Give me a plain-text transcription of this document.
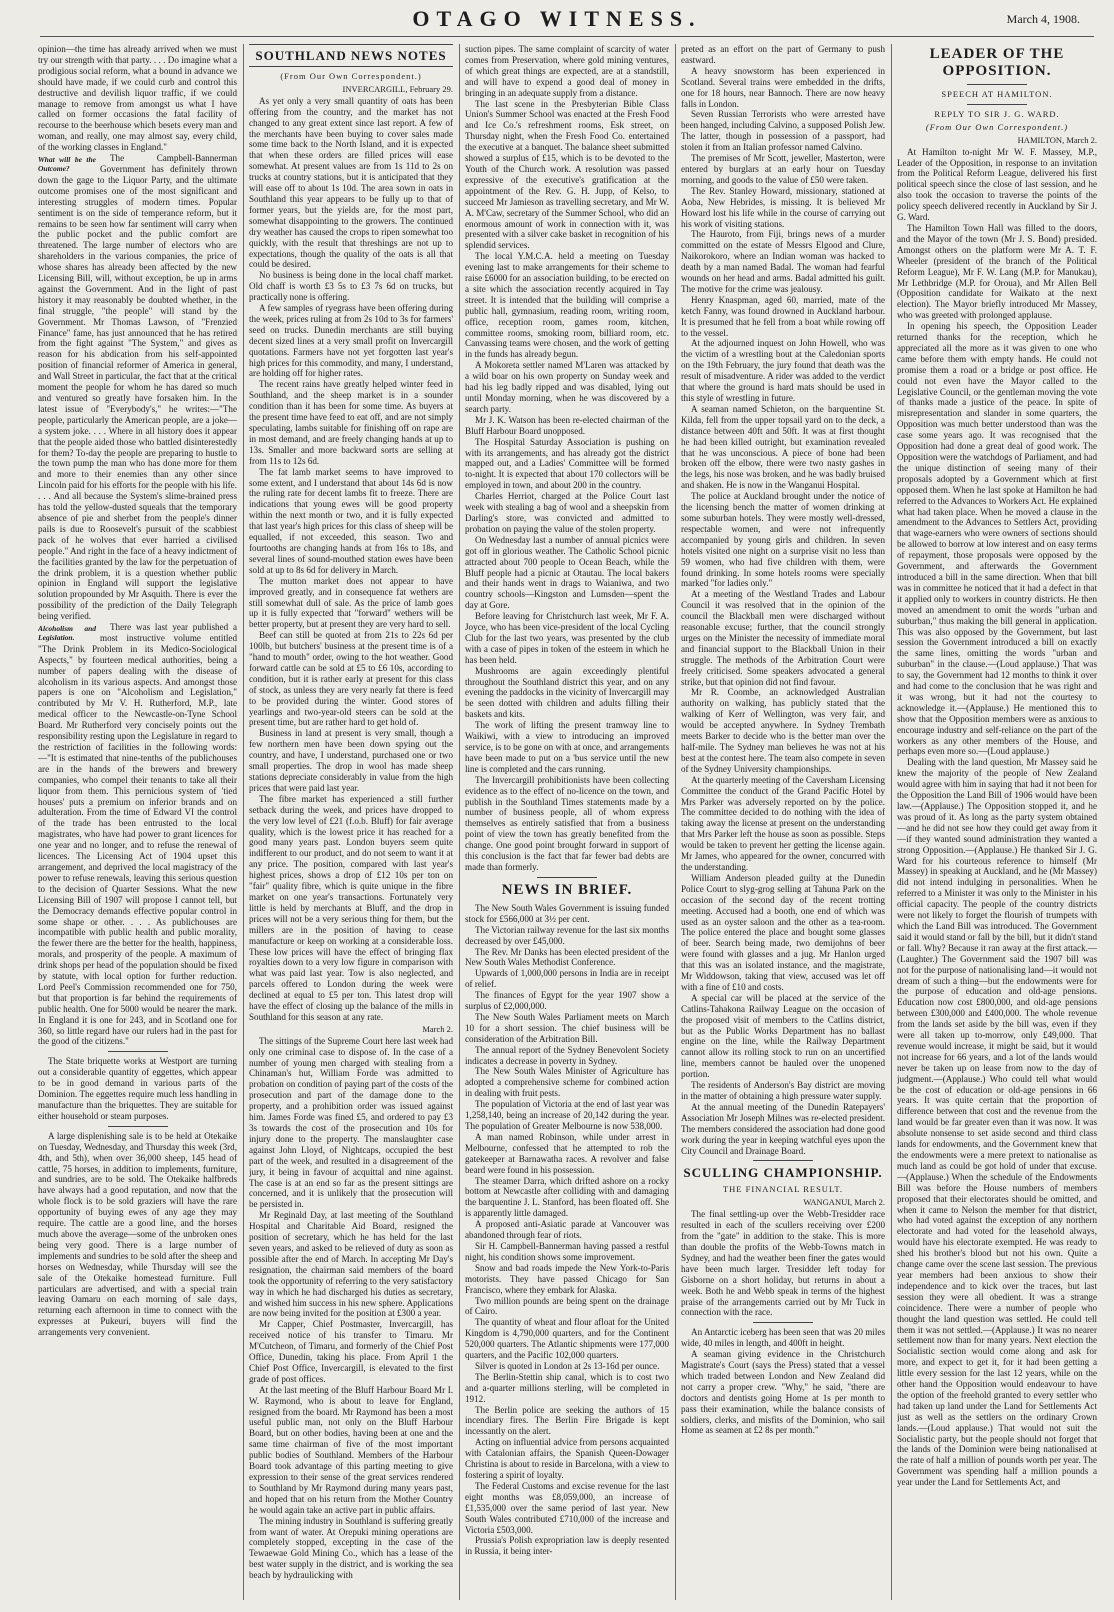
OTAGO WITNESS.	March 4, 1908.

opinion—the time has already arrived when we must try our strength with that party. . . . Do imagine what a prodigious social reform, what a bound in advance we should have made, if we could curb and control this destructive and devilish liquor traffic, if we could manage to remove from amongst us what I have called on former occasions the fatal facility of recourse to the beerhouse which besets every man and woman, and really, one may almost say, every child, of the working classes in England."

What will be the Outcome?

The Campbell-Bannerman Government has definitely thrown down the gage to the Liquor Party, and the ultimate outcome promises one of the most significant and interesting struggles of modern times. Popular sentiment is on the side of temperance reform, but it remains to be seen how far sentiment will carry when the public pocket and the public comfort are threatened. The large number of electors who are shareholders in the various companies, the price of whose shares has already been affected by the new Licensing Bill, will, without exception, be up in arms against the Government. And in the light of past history it may reasonably be doubted whether, in the final struggle, "the people" will stand by the Government. Mr Thomas Lawson, of "Frenzied Finance" fame, has just announced that he has retired from the fight against "The System," and gives as reason for his abdication from his self-appointed position of financial reformer of America in general, and Wall Street in particular, the fact that at the critical moment the people for whom he has dared so much and ventured so greatly have forsaken him. In the latest issue of "Everybody's," he writes:—"The people, particularly the American people, are a joke—a system joke. . . . Where in all history does it appear that the people aided those who battled disinterestedly for them? To-day the people are preparing to hustle to the town pump the man who has done more for them and more to their enemies than any other since Lincoln paid for his efforts for the people with his life. . . . And all because the System's slime-brained press has told the yellow-dusted squeals that the temporary absence of pie and sherbet from the people's dinner pails is due to Roosevelt's pursuit of the scabbiest pack of he wolves that ever harried a civilised people." And right in the face of a heavy indictment of the facilities granted by the law for the perpetuation of the drink problem, it is a question whether public opinion in England will support the legislative solution propounded by Mr Asquith. There is ever the possibility of the prediction of the Daily Telegraph being verified.

Alcoholism and Legislation.

There was last year published a most instructive volume entitled "The Drink Problem in its Medico-Sociological Aspects," by fourteen medical authorities, being a number of papers dealing with the disease of alcoholism in its various aspects. And amongst those papers is one on "Alcoholism and Legislation," contributed by Mr V. H. Rutherford, M.P., late medical officer to the Newcastle-on-Tyne School Board. Mr Rutherford very concisely points out the responsibility resting upon the Legislature in regard to the restriction of facilities in the following words:—"It is estimated that nine-tenths of the publichouses are in the hands of the brewers and brewery companies, who compel their tenants to take all their liquor from them. This pernicious system of 'tied houses' puts a premium on inferior brands and on adulteration. From the time of Edward VI the control of the trade has been entrusted to the local magistrates, who have had power to grant licences for one year and no longer, and to refuse the renewal of licences. The Licensing Act of 1904 upset this arrangement, and deprived the local magistracy of the power to refuse renewals, leaving this serious question to the decision of Quarter Sessions. What the new Licensing Bill of 1907 will propose I cannot tell, but the Democracy demands effective popular control in some shape or other. . . . As publichouses are incompatible with public health and public morality, the fewer there are the better for the health, happiness, morals, and prosperity of the people. A maximum of drink shops per head of the population should be fixed by statute, with local option for further reduction. Lord Peel's Commission recommended one for 750, but that proportion is far behind the requirements of public health. One for 5000 would be nearer the mark. In England it is one for 243, and in Scotland one for 360, so little regard have our rulers had in the past for the good of the citizens."

The State briquette works at Westport are turning out a considerable quantity of eggettes, which appear to be in good demand in various parts of the Dominion. The eggettes require much less handling in manufacture than the briquettes. They are suitable for either household or steam purposes.

A large displenishing sale is to be held at Otekaike on Tuesday, Wednesday, and Thursday this week (3rd, 4th, and 5th), when over 36,000 sheep, 145 head of cattle, 75 horses, in addition to implements, furniture, and sundries, are to be sold. The Otekaike halfbreds have always had a good reputation, and now that the whole flock is to be sold graziers will have the rare opportunity of buying ewes of any age they may require. The cattle are a good line, and the horses much above the average—some of the unbroken ones being very good. There is a large number of implements and sundries to be sold after the sheep and horses on Wednesday, while Thursday will see the sale of the Otekaike homestead furniture. Full particulars are advertised, and with a special train leaving Oamaru on each morning of sale days, returning each afternoon in time to connect with the expresses at Pukeuri, buyers will find the arrangements very convenient.

SOUTHLAND NEWS NOTES
(From Our Own Correspondent.)
INVERCARGILL, February 29.

As yet only a very small quantity of oats has been offering from the country, and the market has not changed to any great extent since last report. A few of the merchants have been buying to cover sales made some time back to the North Island, and it is expected that when these orders are filled prices will ease somewhat. At present values are from 1s 11d to 2s on trucks at country stations, but it is anticipated that they will ease off to about 1s 10d. The area sown in oats in Southland this year appears to be fully up to that of former years, but the yields are, for the most part, somewhat disappointing to the growers. The continued dry weather has caused the crops to ripen somewhat too quickly, with the result that threshings are not up to expectations, though the quality of the oats is all that could be desired.

No business is being done in the local chaff market. Old chaff is worth £3 5s to £3 7s 6d on trucks, but practically none is offering.

A few samples of ryegrass have been offering during the week, prices ruling at from 2s 10d to 3s for farmers' seed on trucks. Dunedin merchants are still buying decent sized lines at a very small profit on Invercargill quotations. Farmers have not yet forgotten last year's high prices for this commodity, and many, I understand, are holding off for higher rates.

The recent rains have greatly helped winter feed in Southland, and the sheep market is in a sounder condition than it has been for some time. As buyers at the present time have feed to eat off, and are not simply speculating, lambs suitable for finishing off on rape are in most demand, and are freely changing hands at up to 13s. Smaller and more backward sorts are selling at from 11s to 12s 6d.

The fat lamb market seems to have improved to some extent, and I understand that about 14s 6d is now the ruling rate for decent lambs fit to freeze. There are indications that young ewes will be good property within the next month or two, and it is fully expected that last year's high prices for this class of sheep will be equalled, if not exceeded, this season. Two and fourtooths are changing hands at from 16s to 18s, and several lines of sound-mouthed station ewes have been sold at up to 8s 6d for delivery in March.

The mutton market does not appear to have improved greatly, and in consequence fat wethers are still somewhat dull of sale. As the price of lamb goes up it is fully expected that "forward" wethers will be better property, but at present they are very hard to sell.

Beef can still be quoted at from 21s to 22s 6d per 100lb, but butchers' business at the present time is of a "hand to mouth" order, owing to the hot weather. Good forward cattle can be sold at £5 to £6 10s, according to condition, but it is rather early at present for this class of stock, as unless they are very nearly fat there is feed to be provided during the winter. Good stores of yearlings and two-year-old steers can be sold at the present time, but are rather hard to get hold of.

Business in land at present is very small, though a few northern men have been down spying out the country, and have, I understand, purchased one or two small properties. The drop in wool has made sheep stations depreciate considerably in value from the high prices that were paid last year.

The fibre market has experienced a still further setback during the week, and prices have dropped to the very low level of £21 (f.o.b. Bluff) for fair average quality, which is the lowest price it has reached for a good many years past. London buyers seem quite indifferent to our product, and do not seem to want it at any price. The position, compared with last year's highest prices, shows a drop of £12 10s per ton on "fair" quality fibre, which is quite unique in the fibre market on one year's transactions. Fortunately very little is held by merchants at Bluff, and the drop in prices will not be a very serious thing for them, but the millers are in the position of having to cease manufacture or keep on working at a considerable loss. These low prices will have the effect of bringing flax royalties down to a very low figure in comparison with what was paid last year. Tow is also neglected, and parcels offered to London during the week were declined at equal to £5 per ton. This latest drop will have the effect of closing up the balance of the mills in Southland for this season at any rate.

March 2.

The sittings of the Supreme Court here last week had only one criminal case to dispose of. In the case of a number of young men charged with stealing from a Chinaman's hut, William Forde was admitted to probation on condition of paying part of the costs of the prosecution and part of the damage done to the property, and a prohibition order was issued against him. James Forde was fined £5, and ordered to pay £3 3s towards the cost of the prosecution and 10s for injury done to the property. The manslaughter case against John Lloyd, of Nightcaps, occupied the best part of the week, and resulted in a disagreement of the jury, it being in favour of acquittal and nine against. The case is at an end so far as the present sittings are concerned, and it is unlikely that the prosecution will be persisted in.

Mr Reginald Day, at last meeting of the Southland Hospital and Charitable Aid Board, resigned the position of secretary, which he has held for the last seven years, and asked to be relieved of duty as soon as possible after the end of March. In accepting Mr Day's resignation, the chairman said members of the board took the opportunity of referring to the very satisfactory way in which he had discharged his duties as secretary, and wished him success in his new sphere. Applications are now being invited for the position at £300 a year.

Mr Capper, Chief Postmaster, Invercargill, has received notice of his transfer to Timaru. Mr M'Cutcheon, of Timaru, and formerly of the Chief Post Office, Dunedin, taking his place. From April 1 the Chief Post Office, Invercargill, is elevated to the first grade of post offices.

At the last meeting of the Bluff Harbour Board Mr I. W. Raymond, who is about to leave for England, resigned from the board. Mr Raymond has been a most useful public man, not only on the Bluff Harbour Board, but on other bodies, having been at one and the same time chairman of five of the most important public bodies of Southland. Members of the Harbour Board took advantage of this parting meeting to give expression to their sense of the great services rendered to Southland by Mr Raymond during many years past, and hoped that on his return from the Mother Country he would again take an active part in public affairs.

The mining industry in Southland is suffering greatly from want of water. At Orepuki mining operations are completely stopped, excepting in the case of the Tewaewae Gold Mining Co., which has a lease of the best water supply in the district, and is working the sea beach by hydraulicking with

suction pipes. The same complaint of scarcity of water comes from Preservation, where gold mining ventures, of which great things are expected, are at a standstill, and will have to expend a good deal of money in bringing in an adequate supply from a distance.

The last scene in the Presbyterian Bible Class Union's Summer School was enacted at the Fresh Food and Ice Co.'s refreshment rooms, Esk street, on Thursday night, when the Fresh Food Co. entertained the executive at a banquet. The balance sheet submitted showed a surplus of £15, which is to be devoted to the Youth of the Church work. A resolution was passed expressive of the executive's gratification at the appointment of the Rev. G. H. Jupp, of Kelso, to succeed Mr Jamieson as travelling secretary, and Mr W. A. M'Caw, secretary of the Summer School, who did an enormous amount of work in connection with it, was presented with a silver cake basket in recognition of his splendid services.

The local Y.M.C.A. held a meeting on Tuesday evening last to make arrangements for their scheme to raise £6000 for an association building, to be erected on a site which the association recently acquired in Tay street. It is intended that the building will comprise a public hall, gymnasium, reading room, writing room, office, reception room, games room, kitchen, committee rooms, smoking room, billiard room, etc. Canvassing teams were chosen, and the work of getting in the funds has already begun.

A Mokoreta settler named M'Laren was attacked by a wild boar on his own property on Sunday week and had his leg badly ripped and was disabled, lying out until Monday morning, when he was discovered by a search party.

Mr J. K. Watson has been re-elected chairman of the Bluff Harbour Board unopposed.

The Hospital Saturday Association is pushing on with its arrangements, and has already got the district mapped out, and a Ladies' Committee will be formed to-night. It is expected that about 170 collectors will be employed in town, and about 200 in the country.

Charles Herriot, charged at the Police Court last week with stealing a bag of wool and a sheepskin from Darling's store, was convicted and admitted to probation on paying the value of the stolen property.

On Wednesday last a number of annual picnics were got off in glorious weather. The Catholic School picnic attracted about 700 people to Ocean Beach, while the Bluff people had a picnic at Otautau. The local bakers and their hands went in drags to Waianiwa, and two country schools—Kingston and Lumsden—spent the day at Gore.

Before leaving for Christchurch last week, Mr F. A. Joyce, who has been vice-president of the local Cycling Club for the last two years, was presented by the club with a case of pipes in token of the esteem in which he has been held.

Mushrooms are again exceedingly plentiful throughout the Southland district this year, and on any evening the paddocks in the vicinity of Invercargill may be seen dotted with children and adults filling their baskets and kits.

The work of lifting the present tramway line to Waikiwi, with a view to introducing an improved service, is to be gone on with at once, and arrangements have been made to put on a 'bus service until the new line is completed and the cars running.

The Invercargill prohibitionists have been collecting evidence as to the effect of no-licence on the town, and publish in the Southland Times statements made by a number of business people, all of whom express themselves as entirely satisfied that from a business point of view the town has greatly benefited from the change. One good point brought forward in support of this conclusion is the fact that far fewer bad debts are made than formerly.

NEWS IN BRIEF.

The New South Wales Government is issuing funded stock for £566,000 at 3½ per cent.

The Victorian railway revenue for the last six months decreased by over £45,000.

The Rev. Mr Danks has been elected president of the New South Wales Methodist Conference.

Upwards of 1,000,000 persons in India are in receipt of relief.

The finances of Egypt for the year 1907 show a surplus of £2,000,000.

The New South Wales Parliament meets on March 10 for a short session. The chief business will be consideration of the Arbitration Bill.

The annual report of the Sydney Benevolent Society indicates a decrease in poverty in Sydney.

The New South Wales Minister of Agriculture has adopted a comprehensive scheme for combined action in dealing with fruit pests.

The population of Victoria at the end of last year was 1,258,140, being an increase of 20,142 during the year. The population of Greater Melbourne is now 538,000.

A man named Robinson, while under arrest in Melbourne, confessed that he attempted to rob the gatekeeper at Barnawatha races. A revolver and false beard were found in his possession.

The steamer Darra, which drifted ashore on a rocky bottom at Newcastle after colliding with and damaging the barquentine J. L. Stanford, has been floated off. She is apparently little damaged.

A proposed anti-Asiatic parade at Vancouver was abandoned through fear of riots.

Sir H. Campbell-Bannerman having passed a restful night, his condition shows some improvement.

Snow and bad roads impede the New York-to-Paris motorists. They have passed Chicago for San Francisco, where they embark for Alaska.

Two million pounds are being spent on the drainage of Cairo.

The quantity of wheat and flour afloat for the United Kingdom is 4,790,000 quarters, and for the Continent 520,000 quarters. The Atlantic shipments were 177,000 quarters, and the Pacific 102,000 quarters.

Silver is quoted in London at 2s 13-16d per ounce.

The Berlin-Stettin ship canal, which is to cost two and a-quarter millions sterling, will be completed in 1912.

The Berlin police are seeking the authors of 15 incendiary fires. The Berlin Fire Brigade is kept incessantly on the alert.

Acting on influential advice from persons acquainted with Catalonian affairs, the Spanish Queen-Dowager Christina is about to reside in Barcelona, with a view to fostering a spirit of loyalty.

The Federal Customs and excise revenue for the last eight months was £8,059,000, an increase of £1,535,000 over the same period of last year. New South Wales contributed £710,000 of the increase and Victoria £503,000.

Prussia's Polish expropriation law is deeply resented in Russia, it being inter-

preted as an effort on the part of Germany to push eastward.

A heavy snowstorm has been experienced in Scotland. Several trains were embedded in the drifts, one for 18 hours, near Bannoch. There are now heavy falls in London.

Seven Russian Terrorists who were arrested have been hanged, including Calvino, a supposed Polish Jew. The latter, though in possession of a passport, had stolen it from an Italian professor named Calvino.

The premises of Mr Scott, jeweller, Masterton, were entered by burglars at an early hour on Tuesday morning, and goods to the value of £50 were taken.

The Rev. Stanley Howard, missionary, stationed at Aoba, New Hebrides, is missing. It is believed Mr Howard lost his life while in the course of carrying out his work of visiting stations.

The Hauroto, from Fiji, brings news of a murder committed on the estate of Messrs Elgood and Clure, Naikorokoro, where an Indian woman was hacked to death by a man named Badal. The woman had fearful wounds on her head and arms. Badal admitted his guilt. The motive for the crime was jealousy.

Henry Knaspman, aged 60, married, mate of the ketch Fanny, was found drowned in Auckland harbour. It is presumed that he fell from a boat while rowing off to the vessel.

At the adjourned inquest on John Howell, who was the victim of a wrestling bout at the Caledonian sports on the 19th February, the jury found that death was the result of misadventure. A rider was added to the verdict that where the ground is hard mats should be used in this style of wrestling in future.

A seaman named Schieton, on the barquentine St. Kilda, fell from the upper topsail yard on to the deck, a distance between 40ft and 50ft. It was at first thought he had been killed outright, but examination revealed that he was unconscious. A piece of bone had been broken off the elbow, there were two nasty gashes in the legs, his nose was broken, and he was badly bruised and shaken. He is now in the Wanganui Hospital.

The police at Auckland brought under the notice of the licensing bench the matter of women drinking at some suburban hotels. They were mostly well-dressed, respectable women, and were not infrequently accompanied by young girls and children. In seven hotels visited one night on a surprise visit no less than 59 women, who had five children with them, were found drinking. In some hotels rooms were specially marked "for ladies only."

At a meeting of the Westland Trades and Labour Council it was resolved that in the opinion of the council the Blackball men were discharged without reasonable excuse; further, that the council strongly urges on the Minister the necessity of immediate moral and financial support to the Blackball Union in their struggle. The methods of the Arbitration Court were freely criticised. Some speakers advocated a general strike, but that opinion did not find favour.

Mr R. Coombe, an acknowledged Australian authority on walking, has publicly stated that the walking of Kerr of Wellington, was very fair, and would be accepted anywhere. In Sydney Trembath meets Barker to decide who is the better man over the half-mile. The Sydney man believes he was not at his best at the contest here. The team also compete in seven of the Sydney University championships.

At the quarterly meeting of the Caversham Licensing Committee the conduct of the Grand Pacific Hotel by Mrs Parker was adversely reported on by the police. The committee decided to do nothing with the idea of taking away the license at present on the understanding that Mrs Parker left the house as soon as possible. Steps would be taken to prevent her getting the license again. Mr James, who appeared for the owner, concurred with the understanding.

William Anderson pleaded guilty at the Dunedin Police Court to slyg-grog selling at Tahuna Park on the occasion of the second day of the recent trotting meeting. Accused had a booth, one end of which was used as an oyster saloon and the other as a tea-room. The police entered the place and bought some glasses of beer. Search being made, two demijohns of beer were found with glasses and a jug. Mr Hanlon urged that this was an isolated instance, and the magistrate, Mr Widdowson, taking that view, accused was let off with a fine of £10 and costs.

A special car will be placed at the service of the Catlins-Tahakona Railway League on the occasion of the proposed visit of members to the Catlins district, but as the Public Works Department has no ballast engine on the line, while the Railway Department cannot allow its rolling stock to run on an uncertified line, members cannot be hauled over the unopened portion.

The residents of Anderson's Bay district are moving in the matter of obtaining a high pressure water supply.

At the annual meeting of the Dunedin Ratepayers' Association Mr Joseph Milnes was re-elected president. The members considered the association had done good work during the year in keeping watchful eyes upon the City Council and Drainage Board.

SCULLING CHAMPIONSHIP.
THE FINANCIAL RESULT.
WANGANUI, March 2.

The final settling-up over the Webb-Tresidder race resulted in each of the scullers receiving over £200 from the "gate" in addition to the stake. This is more than double the profits of the Webb-Towns match in Sydney, and had the weather been finer the gates would have been much larger. Tresidder left today for Gisborne on a short holiday, but returns in about a week. Both he and Webb speak in terms of the highest praise of the arrangements carried out by Mr Tuck in connection with the race.

An Antarctic iceberg has been seen that was 20 miles wide, 40 miles in length, and 400ft in height.

A seaman giving evidence in the Christchurch Magistrate's Court (says the Press) stated that a vessel which traded between London and New Zealand did not carry a proper crew. "Why," he said, "there are doctors and dentists going Home at 1s per month to pass their examination, while the balance consists of soldiers, clerks, and misfits of the Dominion, who sail Home as seamen at £2 8s per month."

LEADER OF THE OPPOSITION.
SPEECH AT HAMILTON.
REPLY TO SIR J. G. WARD.
(From Our Own Correspondent.)
HAMILTON, March 2.

At Hamilton to-night Mr W. F. Massey, M.P., Leader of the Opposition, in response to an invitation from the Political Reform League, delivered his first political speech since the close of last session, and he also took the occasion to traverse the points of the policy speech delivered recently in Auckland by Sir J. G. Ward.

The Hamilton Town Hall was filled to the doors, and the Mayor of the town (Mr J. S. Bond) presided. Amongst others on the platform were Mr A. T. F. Wheeler (president of the branch of the Political Reform League), Mr F. W. Lang (M.P. for Manukau), Mr Lethbridge (M.P. for Oroua), and Mr Allen Bell (Opposition candidate for Waikato at the next election). The Mayor briefly introduced Mr Massey, who was greeted with prolonged applause.

In opening his speech, the Opposition Leader returned thanks for the reception, which he appreciated all the more as it was given to one who came before them with empty hands. He could not promise them a road or a bridge or post office. He could not even have the Mayor called to the Legislative Council, or the gentleman moving the vote of thanks made a justice of the peace. In spite of misrepresentation and slander in some quarters, the Opposition was much better understood than was the case some years ago. It was recognised that the Opposition had done a great deal of good work. The Opposition were the watchdogs of Parliament, and had the unique distinction of seeing many of their proposals adopted by a Government which at first opposed them. When he last spoke at Hamilton he had referred to the Advances to Workers Act. He explained what had taken place. When he moved a clause in the amendment to the Advances to Settlers Act, providing that wage-earners who were owners of sections should be allowed to borrow at low interest and on easy terms of repayment, those proposals were opposed by the Government, and afterwards the Government introduced a bill in the same direction. When that bill was in committee he noticed that it had a defect in that it applied only to workers in country districts. He then moved an amendment to omit the words "urban and suburban," thus making the bill general in application. This was also opposed by the Government, but last session the Government introduced a bill on exactly the same lines, omitting the words "urban and suburban" in the clause.—(Loud applause.) That was to say, the Government had 12 months to think it over and had come to the conclusion that he was right and it was wrong, but it had not the courtesy to acknowledge it.—(Applause.) He mentioned this to show that the Opposition members were as anxious to encourage industry and self-reliance on the part of the workers as any other members of the House, and perhaps even more so.—(Loud applause.)

Dealing with the land question, Mr Massey said he knew the majority of the people of New Zealand would agree with him in saying that had it not been for the Opposition the Land Bill of 1906 would have been law.—(Applause.) The Opposition stopped it, and he was proud of it. As long as the party system obtained—and he did not see how they could get away from it—if they wanted sound administration they wanted a strong Opposition.—(Applause.) He thanked Sir J. G. Ward for his courteous reference to himself (Mr Massey) in speaking at Auckland, and he (Mr Massey) did not intend indulging in personalities. When he referred to a Minister it was only to the Minister in his official capacity. The people of the country districts were not likely to forget the flourish of trumpets with which the Land Bill was introduced. The Government said it would stand or fall by the bill, but it didn't stand or fall. Why? Because it ran away at the first attack.—(Laughter.) The Government said the 1907 bill was not for the purpose of nationalising land—it would not dream of such a thing—but the endowments were for the purpose of education and old-age pensions. Education now cost £800,000, and old-age pensions between £300,000 and £400,000. The whole revenue from the lands set aside by the bill was, even if they were all taken up to-morrow, only £49,000. That revenue would increase, it might be said, but it would not increase for 66 years, and a lot of the lands would never be taken up on lease from now to the day of judgment.—(Applause.) Who could tell what would be the cost of education or old-age pensions in 66 years. It was quite certain that the proportion of difference between that cost and the revenue from the land would be far greater even than it was now. It was absolute nonsense to set aside second and third class lands for endowments, and the Government knew that the endowments were a mere pretext to nationalise as much land as could be got hold of under that excuse.—(Applause.) When the schedule of the Endowments Bill was before the House numbers of members proposed that their electorates should be omitted, and when it came to Nelson the member for that district, who had voted against the exception of any northern electorate and had voted for the leasehold always, would have his electorate exempted. He was ready to shed his brother's blood but not his own. Quite a change came over the scene last session. The previous year members had been anxious to show their independence and to kick over the traces, but last session they were all obedient. It was a strange coincidence. There were a number of people who thought the land question was settled. He could tell them it was not settled.—(Applause.) It was no nearer settlement now than for many years. Next election the Socialistic section would come along and ask for more, and expect to get it, for it had been getting a little every session for the last 12 years, while on the other hand the Opposition would endeavour to have the option of the freehold granted to every settler who had taken up land under the Land for Settlements Act just as well as the settlers on the ordinary Crown lands.—(Loud applause.) That would not suit the Socialistic party, but the people should not forget that the lands of the Dominion were being nationalised at the rate of half a million of pounds worth per year. The Government was spending half a million pounds a year under the Land for Settlements Act, and
